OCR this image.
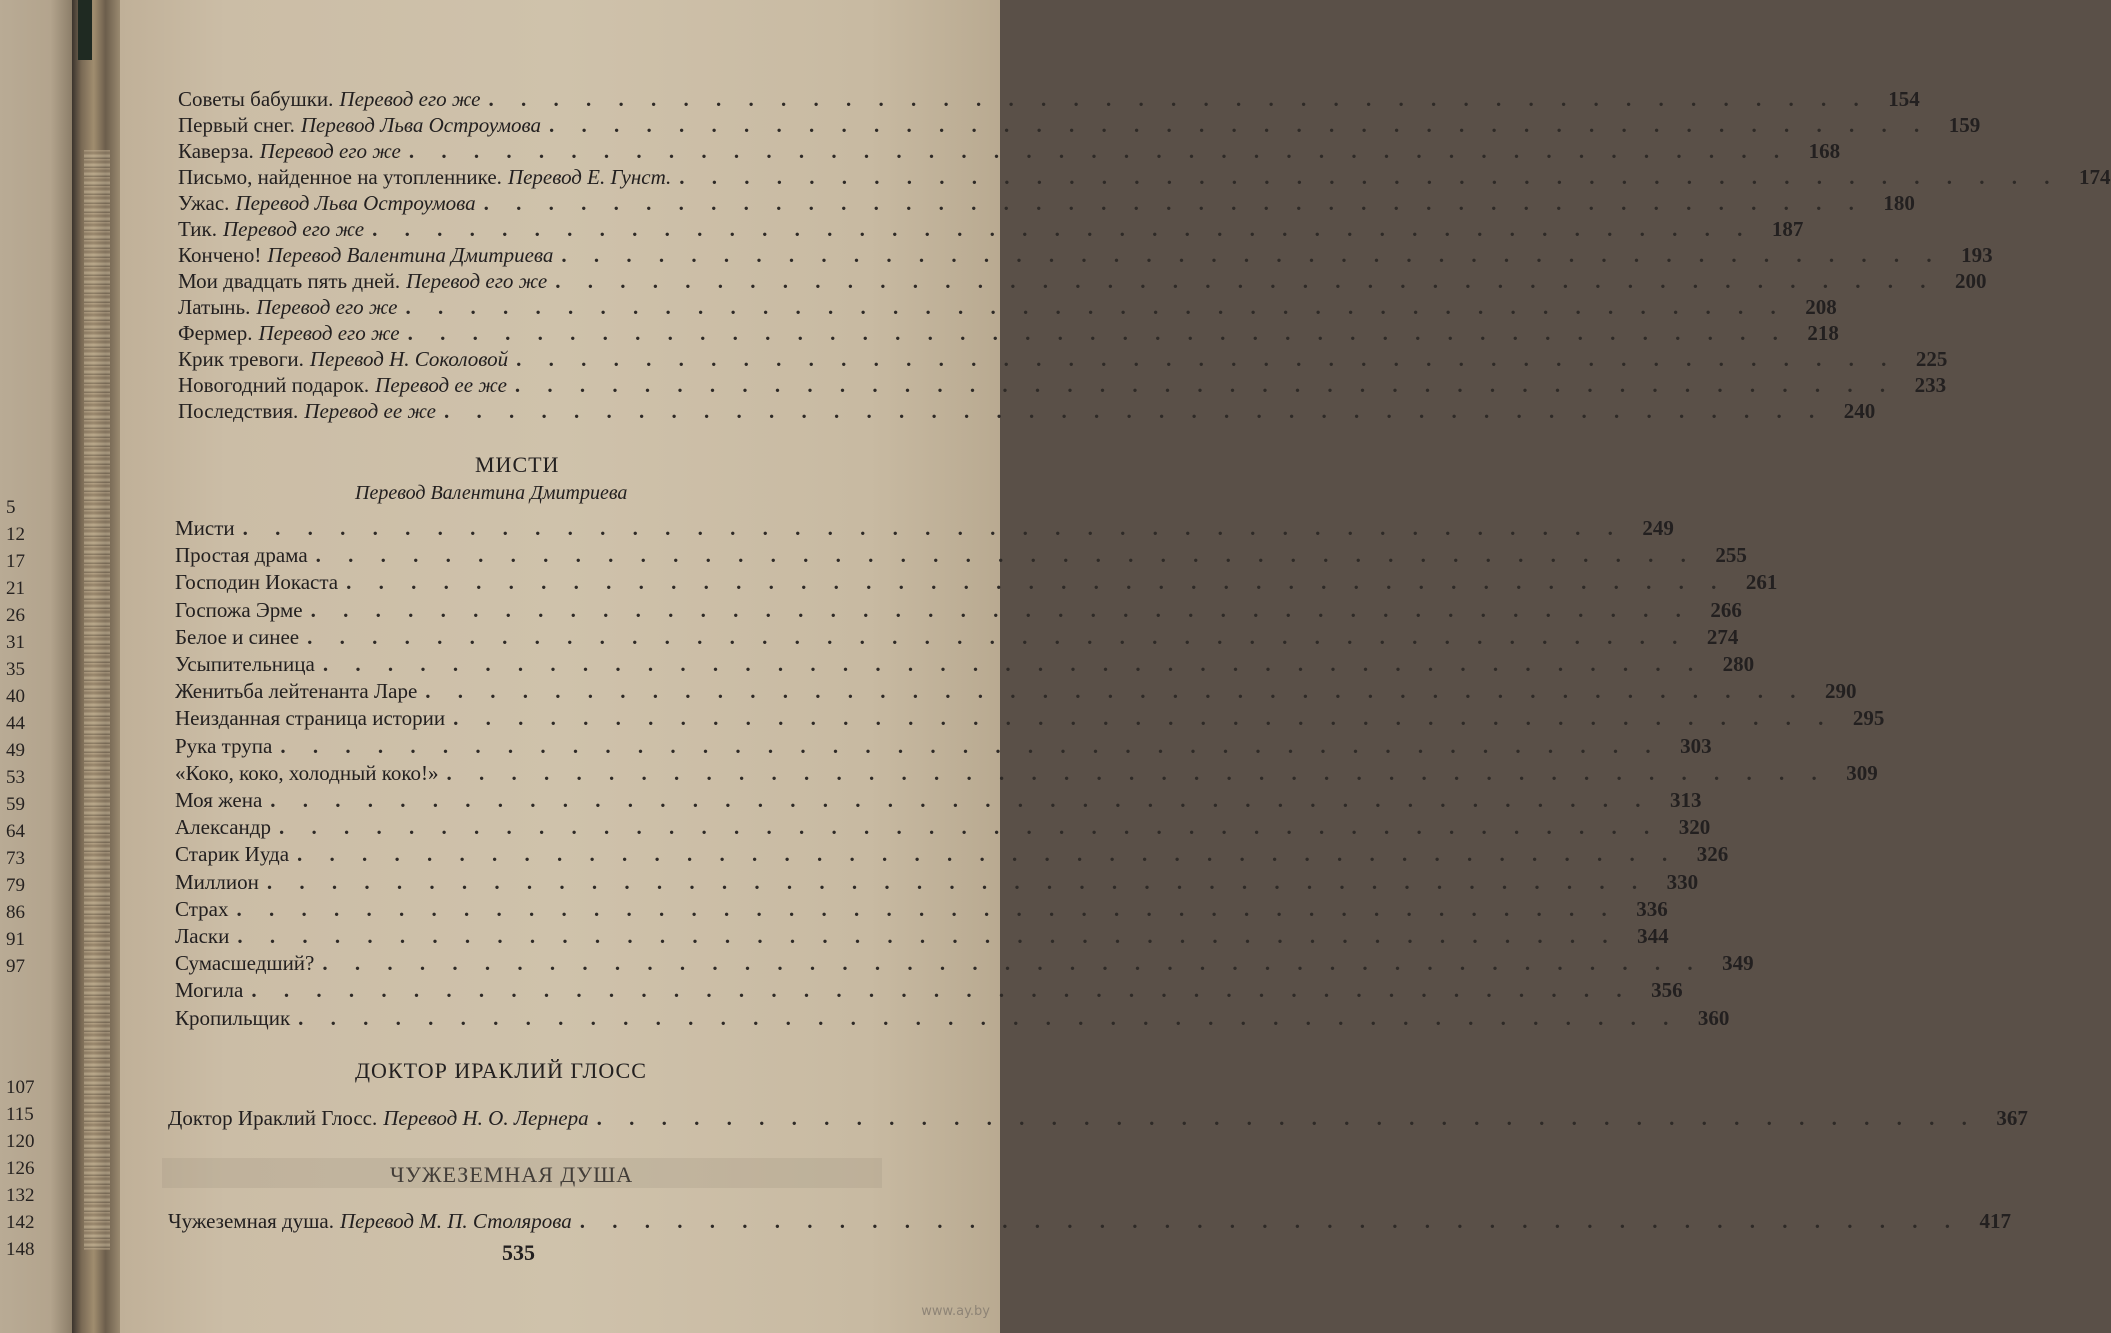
5
12
17
21
26
31
35
40
44
49
53
59
64
73
79
86
91
97
107
115
120
126
132
142
148
Советы бабушки. Перевод его же . . . . . . . . . . . . . . . . . . . . . . . . . . . . . . . . . . . . . . . . . . . 154
Первый снег. Перевод Льва Остроумова . . . . . . . . . . . . . . . . . . . . . . . . . . . . . . . . . . . . . . . . . . . 159
Каверза. Перевод его же . . . . . . . . . . . . . . . . . . . . . . . . . . . . . . . . . . . . . . . . . . . 168
Письмо, найденное на утопленнике. Перевод Е. Гунст. . . . . . . . . . . . . . . . . . . . . . . . . . . . . . . . . . . . . . . . . . . . 174
Ужас. Перевод Льва Остроумова . . . . . . . . . . . . . . . . . . . . . . . . . . . . . . . . . . . . . . . . . . . 180
Тик. Перевод его же . . . . . . . . . . . . . . . . . . . . . . . . . . . . . . . . . . . . . . . . . . . 187
Кончено! Перевод Валентина Дмитриева . . . . . . . . . . . . . . . . . . . . . . . . . . . . . . . . . . . . . . . . . . . 193
Мои двадцать пять дней. Перевод его же . . . . . . . . . . . . . . . . . . . . . . . . . . . . . . . . . . . . . . . . . . . 200
Латынь. Перевод его же . . . . . . . . . . . . . . . . . . . . . . . . . . . . . . . . . . . . . . . . . . . 208
Фермер. Перевод его же . . . . . . . . . . . . . . . . . . . . . . . . . . . . . . . . . . . . . . . . . . . 218
Крик тревоги. Перевод Н. Соколовой . . . . . . . . . . . . . . . . . . . . . . . . . . . . . . . . . . . . . . . . . . . 225
Новогодний подарок. Перевод ее же . . . . . . . . . . . . . . . . . . . . . . . . . . . . . . . . . . . . . . . . . . . 233
Последствия. Перевод ее же . . . . . . . . . . . . . . . . . . . . . . . . . . . . . . . . . . . . . . . . . . . 240
МИСТИ
Перевод Валентина Дмитриева
Мисти . . . . . . . . . . . . . . . . . . . . . . . . . . . . . . . . . . . . . . . . . . . 249
Простая драма . . . . . . . . . . . . . . . . . . . . . . . . . . . . . . . . . . . . . . . . . . . 255
Господин Иокаста . . . . . . . . . . . . . . . . . . . . . . . . . . . . . . . . . . . . . . . . . . . 261
Госпожа Эрме . . . . . . . . . . . . . . . . . . . . . . . . . . . . . . . . . . . . . . . . . . . 266
Белое и синее . . . . . . . . . . . . . . . . . . . . . . . . . . . . . . . . . . . . . . . . . . . 274
Усыпительница . . . . . . . . . . . . . . . . . . . . . . . . . . . . . . . . . . . . . . . . . . . 280
Женитьба лейтенанта Ларе . . . . . . . . . . . . . . . . . . . . . . . . . . . . . . . . . . . . . . . . . . . 290
Неизданная страница истории . . . . . . . . . . . . . . . . . . . . . . . . . . . . . . . . . . . . . . . . . . . 295
Рука трупа . . . . . . . . . . . . . . . . . . . . . . . . . . . . . . . . . . . . . . . . . . . 303
«Коко, коко, холодный коко!» . . . . . . . . . . . . . . . . . . . . . . . . . . . . . . . . . . . . . . . . . . . 309
Моя жена . . . . . . . . . . . . . . . . . . . . . . . . . . . . . . . . . . . . . . . . . . . 313
Александр . . . . . . . . . . . . . . . . . . . . . . . . . . . . . . . . . . . . . . . . . . . 320
Старик Иуда . . . . . . . . . . . . . . . . . . . . . . . . . . . . . . . . . . . . . . . . . . . 326
Миллион . . . . . . . . . . . . . . . . . . . . . . . . . . . . . . . . . . . . . . . . . . . 330
Страх . . . . . . . . . . . . . . . . . . . . . . . . . . . . . . . . . . . . . . . . . . . 336
Ласки . . . . . . . . . . . . . . . . . . . . . . . . . . . . . . . . . . . . . . . . . . . 344
Сумасшедший? . . . . . . . . . . . . . . . . . . . . . . . . . . . . . . . . . . . . . . . . . . . 349
Могила . . . . . . . . . . . . . . . . . . . . . . . . . . . . . . . . . . . . . . . . . . . 356
Кропильщик . . . . . . . . . . . . . . . . . . . . . . . . . . . . . . . . . . . . . . . . . . . 360
ДОКТОР ИРАКЛИЙ ГЛОСС
Доктор Ираклий Глосс. Перевод Н. О. Лернера . . . . . . . . . . . . . . . . . . . . . . . . . . . . . . . . . . . . . . . . . . . 367
ЧУЖЕЗЕМНАЯ ДУША
Чужеземная душа. Перевод М. П. Столярова . . . . . . . . . . . . . . . . . . . . . . . . . . . . . . . . . . . . . . . . . . . 417
535
www.ay.by
